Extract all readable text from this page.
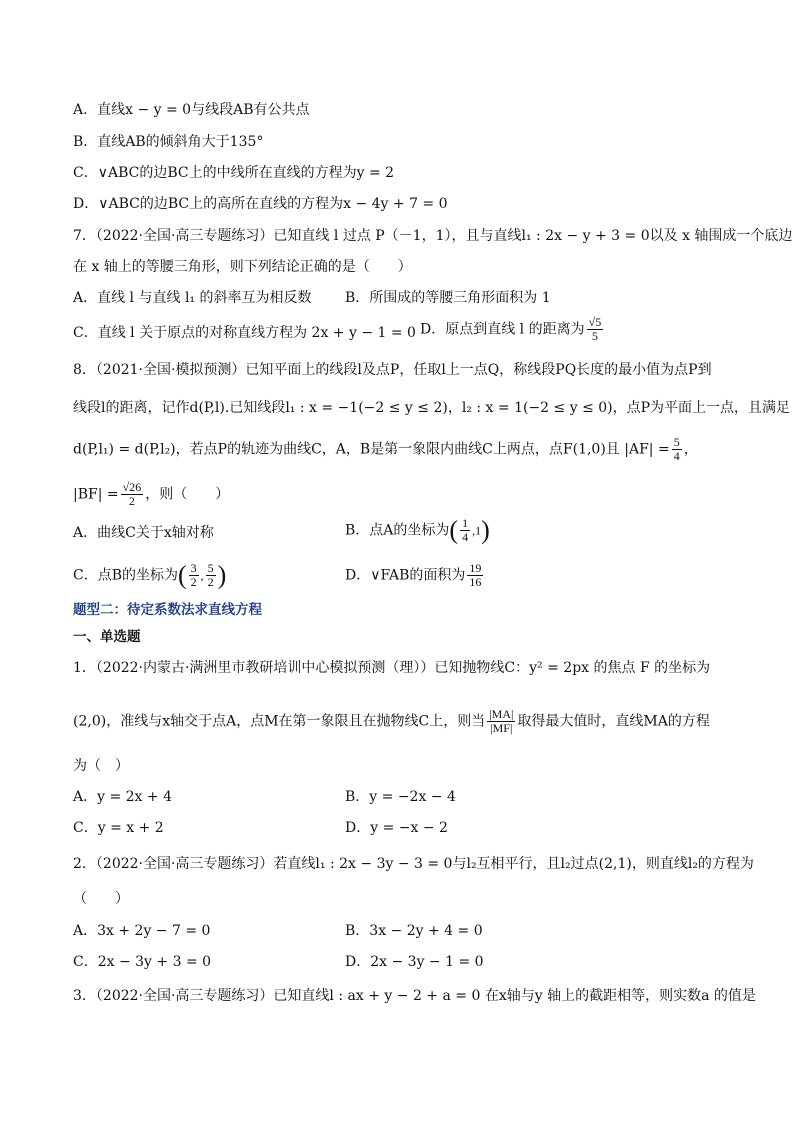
A．直线x − y = 0与线段AB有公共点
B．直线AB的倾斜角大于135°
C．∨ABC的边BC上的中线所在直线的方程为y = 2
D．∨ABC的边BC上的高所在直线的方程为x − 4y + 7 = 0
7．（2022·全国·高三专题练习）已知直线 l 过点 P（－1，1），且与直线l₁ : 2x − y + 3 = 0以及 x 轴围成一个底边
在 x 轴上的等腰三角形，则下列结论正确的是（　　）
A．直线 l 与直线 l₁ 的斜率互为相反数 B．所围成的等腰三角形面积为 1
C．直线 l 关于原点的对称直线方程为 2x + y − 1 = 0 D．原点到直线 l 的距离为 $\frac{√5}{5}$
8．（2021·全国·模拟预测）已知平面上的线段l及点P，任取l上一点Q，称线段PQ长度的最小值为点P到
线段l的距离，记作d(P,l).已知线段l₁ : x = −1(−2 ≤ y ≤ 2)，l₂ : x = 1(−2 ≤ y ≤ 0)，点P为平面上一点，且满足
d(P,l₁) = d(P,l₂)，若点P的轨迹为曲线C，A，B是第一象限内曲线C上两点，点F(1,0)且 $|AF| = \frac{5}{4}$ ，
$|BF| = \frac{√26}{2}$ ，则（　　）
A．曲线C关于x轴对称	B．点A的坐标为( $\frac{1}{4} ,1$)
C．点B的坐标为( $\frac{3}{2}$ , $\frac{5}{2}$ )	D．∨FAB的面积为 $\frac{19}{16}$
题型二：待定系数法求直线方程
一、单选题
1．（2022·内蒙古·满洲里市教研培训中心模拟预测（理））已知抛物线C：y² = 2px 的焦点 F 的坐标为
(2,0)，准线与x轴交于点A，点M在第一象限且在抛物线C上，则当 $\frac{|MA|}{|MF|}$ 取得最大值时，直线MA的方程
为（　）
A．y = 2x + 4	B．y = −2x − 4
C．y = x + 2	D．y = −x − 2
2．（2022·全国·高三专题练习）若直线l₁ : 2x − 3y − 3 = 0与l₂互相平行，且l₂过点(2,1)，则直线l₂的方程为
（　　）
A．3x + 2y − 7 = 0	B．3x − 2y + 4 = 0
C．2x − 3y + 3 = 0	D．2x − 3y − 1 = 0
3．（2022·全国·高三专题练习）已知直线l : ax + y − 2 + a = 0 在x轴与y 轴上的截距相等，则实数a 的值是
